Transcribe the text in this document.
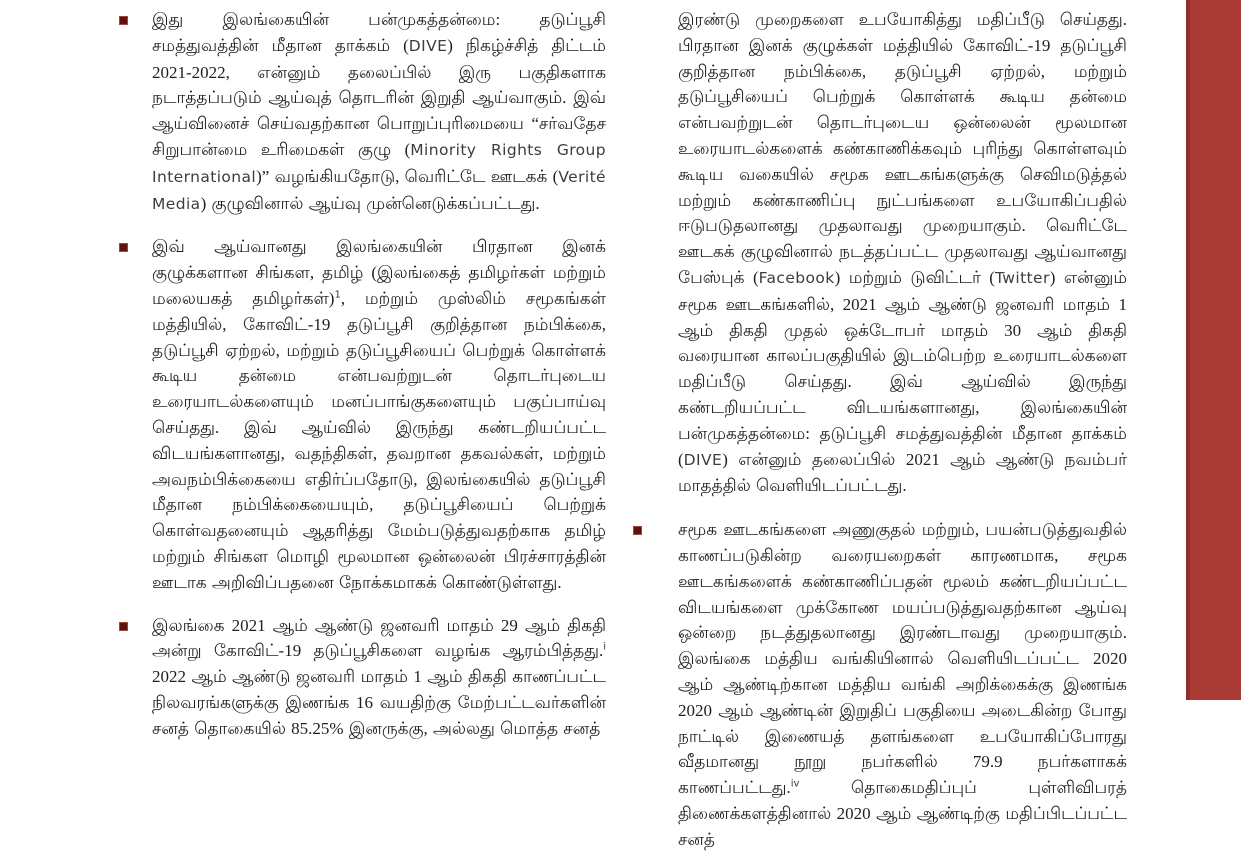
இது இலங்கையின் பன்முகத்தன்மை: தடுப்பூசி சமத்துவத்தின் மீதான தாக்கம் (DIVE) நிகழ்ச்சித் திட்டம் 2021-2022, என்னும் தலைப்பில் இரு பகுதிகளாக நடாத்தப்படும் ஆய்வுத் தொடரின் இறுதி ஆய்வாகும். இவ் ஆய்வினைச் செய்வதற்கான பொறுப்புரிமையை “சர்வதேச சிறுபான்மை உரிமைகள் குழு (Minority Rights Group International)” வழங்கியதோடு, வெரிட்டே ஊடகக் (Verité Media) குழுவினால் ஆய்வு முன்னெடுக்கப்பட்டது.

இவ் ஆய்வானது இலங்கையின் பிரதான இனக் குழுக்களான சிங்கள, தமிழ் (இலங்கைத் தமிழர்கள் மற்றும் மலையகத் தமிழர்கள்)$^1$, மற்றும் முஸ்லிம் சமூகங்கள் மத்தியில், கோவிட்-19 தடுப்பூசி குறித்தான நம்பிக்கை, தடுப்பூசி ஏற்றல், மற்றும் தடுப்பூசியைப் பெற்றுக் கொள்ளக் கூடிய தன்மை என்பவற்றுடன் தொடர்புடைய உரையாடல்களையும் மனப்பாங்குகளையும் பகுப்பாய்வு செய்தது. இவ் ஆய்வில் இருந்து கண்டறியப்பட்ட விடயங்களானது, வதந்திகள், தவறான தகவல்கள், மற்றும் அவநம்பிக்கையை எதிர்ப்பதோடு, இலங்கையில் தடுப்பூசி மீதான நம்பிக்கையையும், தடுப்பூசியைப் பெற்றுக் கொள்வதனையும் ஆதரித்து மேம்படுத்துவதற்காக தமிழ் மற்றும் சிங்கள மொழி மூலமான ஒன்லைன் பிரச்சாரத்தின் ஊடாக அறிவிப்பதனை நோக்கமாகக் கொண்டுள்ளது.

இலங்கை 2021 ஆம் ஆண்டு ஜனவரி மாதம் 29 ஆம் திகதி அன்று கோவிட்-19 தடுப்பூசிகளை வழங்க ஆரம்பித்தது.$^i$ 2022 ஆம் ஆண்டு ஜனவரி மாதம் 1 ஆம் திகதி காணப்பட்ட நிலவரங்களுக்கு இணங்க 16 வயதிற்கு மேற்பட்டவர்களின் சனத் தொகையில் 85.25% இனருக்கு, அல்லது மொத்த சனத்

இரண்டு முறைகளை உபயோகித்து மதிப்பீடு செய்தது. பிரதான இனக் குழுக்கள் மத்தியில் கோவிட்-19 தடுப்பூசி குறித்தான நம்பிக்கை, தடுப்பூசி ஏற்றல், மற்றும் தடுப்பூசியைப் பெற்றுக் கொள்ளக் கூடிய தன்மை என்பவற்றுடன் தொடர்புடைய ஒன்லைன் மூலமான உரையாடல்களைக் கண்காணிக்கவும் புரிந்து கொள்ளவும் கூடிய வகையில் சமூக ஊடகங்களுக்கு செவிமடுத்தல் மற்றும் கண்காணிப்பு நுட்பங்களை உபயோகிப்பதில் ஈடுபடுதலானது முதலாவது முறையாகும். வெரிட்டே ஊடகக் குழுவினால் நடத்தப்பட்ட முதலாவது ஆய்வானது பேஸ்புக் (Facebook) மற்றும் டுவிட்டர் (Twitter) என்னும் சமூக ஊடகங்களில், 2021 ஆம் ஆண்டு ஜனவரி மாதம் 1 ஆம் திகதி முதல் ஒக்டோபர் மாதம் 30 ஆம் திகதி வரையான காலப்பகுதியில் இடம்பெற்ற உரையாடல்களை மதிப்பீடு செய்தது. இவ் ஆய்வில் இருந்து கண்டறியப்பட்ட விடயங்களானது, இலங்கையின் பன்முகத்தன்மை: தடுப்பூசி சமத்துவத்தின் மீதான தாக்கம் (DIVE) என்னும் தலைப்பில் 2021 ஆம் ஆண்டு நவம்பர் மாதத்தில் வெளியிடப்பட்டது.

சமூக ஊடகங்களை அணுகுதல் மற்றும், பயன்படுத்துவதில் காணப்படுகின்ற வரையறைகள் காரணமாக, சமூக ஊடகங்களைக் கண்காணிப்பதன் மூலம் கண்டறியப்பட்ட விடயங்களை முக்கோண மயப்படுத்துவதற்கான ஆய்வு ஒன்றை நடத்துதலானது இரண்டாவது முறையாகும். இலங்கை மத்திய வங்கியினால் வெளியிடப்பட்ட 2020 ஆம் ஆண்டிற்கான மத்திய வங்கி அறிக்கைக்கு இணங்க 2020 ஆம் ஆண்டின் இறுதிப் பகுதியை அடைகின்ற போது நாட்டில் இணையத் தளங்களை உபயோகிப்போரது வீதமானது நூறு நபர்களில் 79.9 நபர்களாகக் காணப்பட்டது.$^{iv}$ தொகைமதிப்புப் புள்ளிவிபரத் திணைக்களத்தினால் 2020 ஆம் ஆண்டிற்கு மதிப்பிடப்பட்ட சனத்
